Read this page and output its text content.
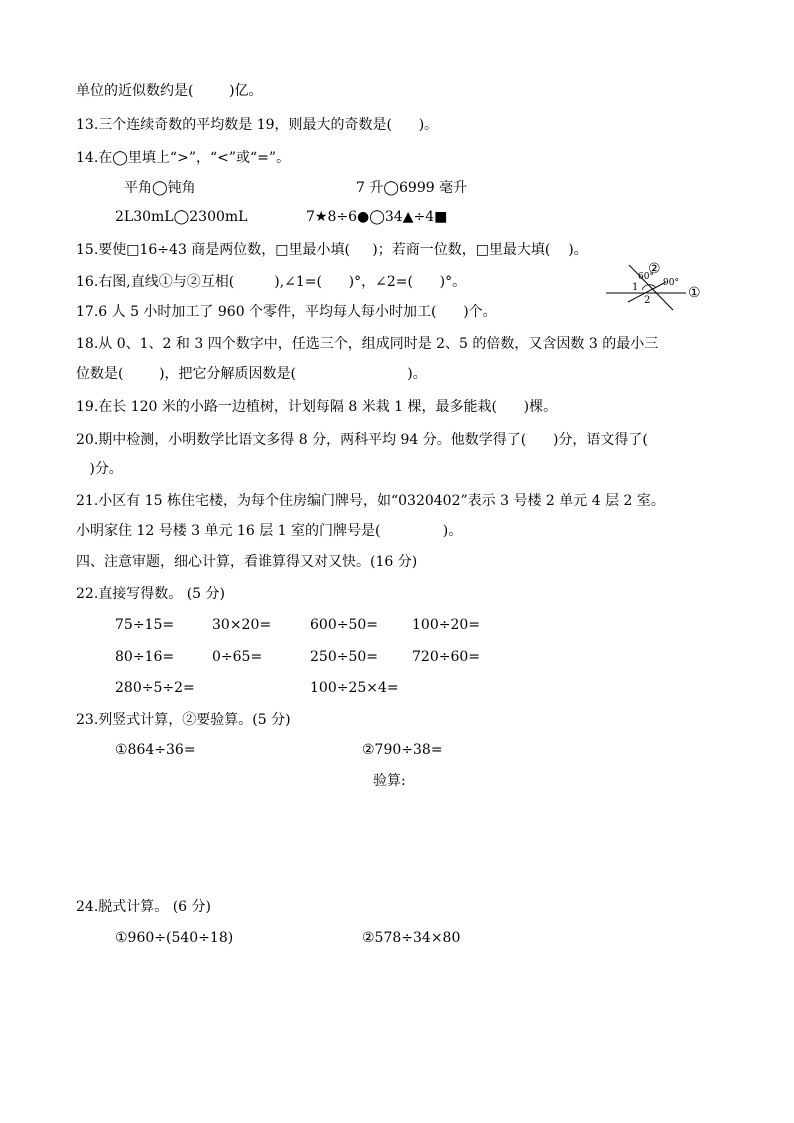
单位的近似数约是(        )亿。
13.三个连续奇数的平均数是 19，则最大的奇数是(      )。
14.在◯里填上“>”，“<”或“=”。
平角◯钝角	7 升◯6999 毫升
2L30mL◯2300mL	7★8÷6●◯34▲÷4■
15.要使□16÷43 商是两位数，□里最小填(     )；若商一位数，□里最大填(    )。
16.右图,直线①与②互相(         ),∠1=(      )°，∠2=(      )°。
17.6 人 5 小时加工了 960 个零件，平均每人每小时加工(      )个。
18.从 0、1、2 和 3 四个数字中，任选三个，组成同时是 2、5 的倍数，又含因数 3 的最小三
位数是(        )，把它分解质因数是(                         )。
19.在长 120 米的小路一边植树，计划每隔 8 米栽 1 棵，最多能栽(      )棵。
20.期中检测，小明数学比语文多得 8 分，两科平均 94 分。他数学得了(      )分，语文得了(
)分。
21.小区有 15 栋住宅楼，为每个住房编门牌号，如“0320402”表示 3 号楼 2 单元 4 层 2 室。
小明家住 12 号楼 3 单元 16 层 1 室的门牌号是(              )。
四、注意审题，细心计算，看谁算得又对又快。(16 分)
22.直接写得数。 (5 分)
75÷15=	30×20=	600÷50= 100÷20=
80÷16=	0÷65=	250÷50= 720÷60=
280÷5÷2=	100÷25×4=
23.列竖式计算，②要验算。(5 分)
①864÷36=	②790÷38=
验算:
24.脱式计算。 (6 分)
①960÷(540÷18)	②578÷34×80
②
60°
90°
1
2	①
